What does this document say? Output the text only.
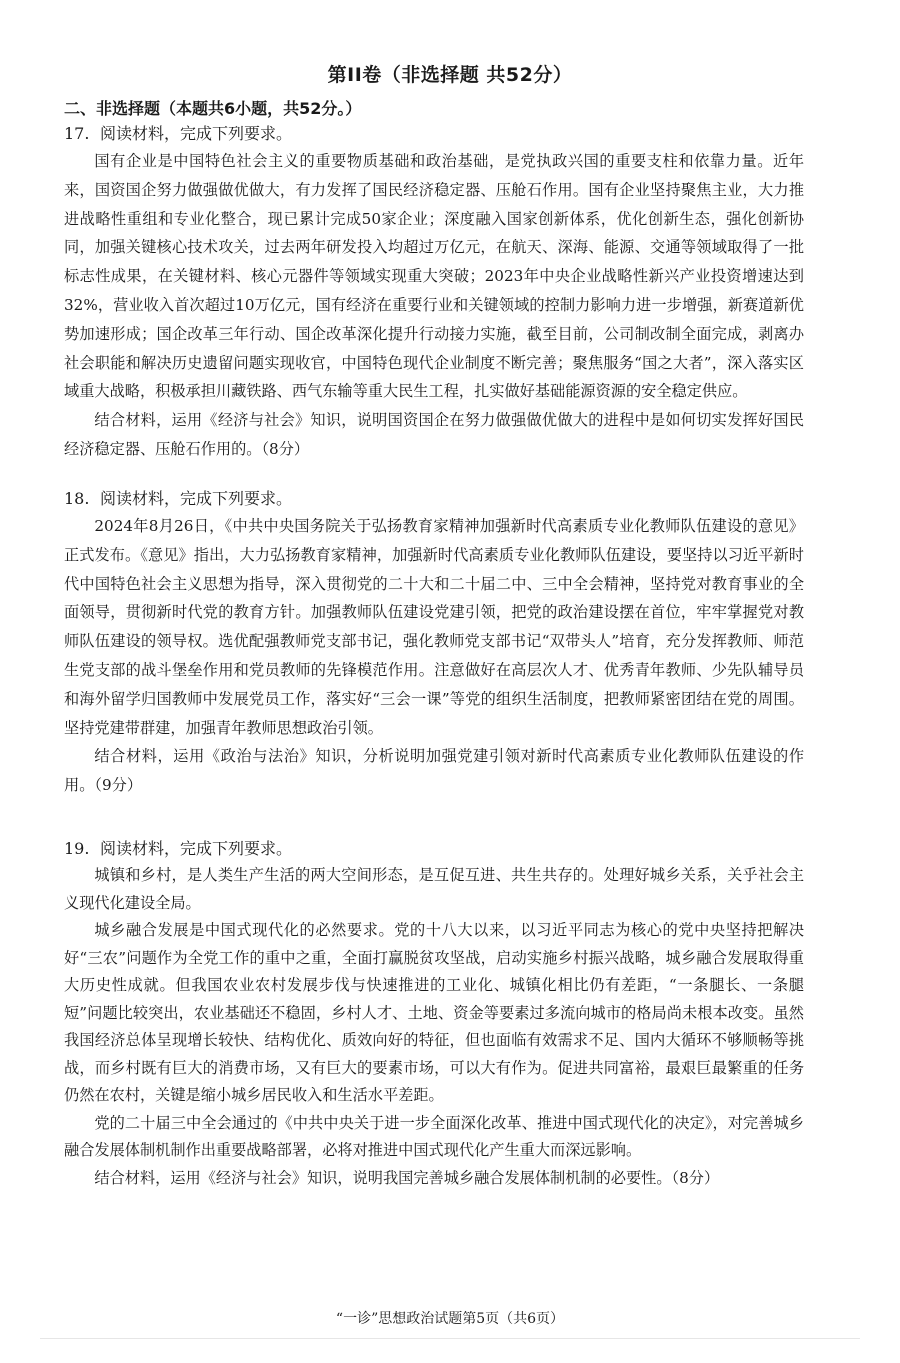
第II卷（非选择题 共52分）
二、非选择题（本题共6小题，共52分。）
17. 阅读材料，完成下列要求。

国有企业是中国特色社会主义的重要物质基础和政治基础，是党执政兴国的重要支柱和依靠力量。近年来，国资国企努力做强做优做大，有力发挥了国民经济稳定器、压舱石作用。国有企业坚持聚焦主业，大力推进战略性重组和专业化整合，现已累计完成50家企业；深度融入国家创新体系，优化创新生态，强化创新协同，加强关键核心技术攻关，过去两年研发投入均超过万亿元，在航天、深海、能源、交通等领域取得了一批标志性成果，在关键材料、核心元器件等领域实现重大突破；2023年中央企业战略性新兴产业投资增速达到32%，营业收入首次超过10万亿元，国有经济在重要行业和关键领域的控制力影响力进一步增强，新赛道新优势加速形成；国企改革三年行动、国企改革深化提升行动接力实施，截至目前，公司制改制全面完成，剥离办社会职能和解决历史遗留问题实现收官，中国特色现代企业制度不断完善；聚焦服务“国之大者”，深入落实区域重大战略，积极承担川藏铁路、西气东输等重大民生工程，扎实做好基础能源资源的安全稳定供应。

结合材料，运用《经济与社会》知识，说明国资国企在努力做强做优做大的进程中是如何切实发挥好国民经济稳定器、压舱石作用的。（8分）

18. 阅读材料，完成下列要求。

2024年8月26日，《中共中央国务院关于弘扬教育家精神加强新时代高素质专业化教师队伍建设的意见》正式发布。《意见》指出，大力弘扬教育家精神，加强新时代高素质专业化教师队伍建设，要坚持以习近平新时代中国特色社会主义思想为指导，深入贯彻党的二十大和二十届二中、三中全会精神，坚持党对教育事业的全面领导，贯彻新时代党的教育方针。加强教师队伍建设党建引领，把党的政治建设摆在首位，牢牢掌握党对教师队伍建设的领导权。选优配强教师党支部书记，强化教师党支部书记“双带头人”培育，充分发挥教师、师范生党支部的战斗堡垒作用和党员教师的先锋模范作用。注意做好在高层次人才、优秀青年教师、少先队辅导员和海外留学归国教师中发展党员工作，落实好“三会一课”等党的组织生活制度，把教师紧密团结在党的周围。坚持党建带群建，加强青年教师思想政治引领。

结合材料，运用《政治与法治》知识，分析说明加强党建引领对新时代高素质专业化教师队伍建设的作用。（9分）

19. 阅读材料，完成下列要求。

城镇和乡村，是人类生产生活的两大空间形态，是互促互进、共生共存的。处理好城乡关系，关乎社会主义现代化建设全局。

城乡融合发展是中国式现代化的必然要求。党的十八大以来，以习近平同志为核心的党中央坚持把解决好“三农”问题作为全党工作的重中之重，全面打赢脱贫攻坚战，启动实施乡村振兴战略，城乡融合发展取得重大历史性成就。但我国农业农村发展步伐与快速推进的工业化、城镇化相比仍有差距，“一条腿长、一条腿短”问题比较突出，农业基础还不稳固，乡村人才、土地、资金等要素过多流向城市的格局尚未根本改变。虽然我国经济总体呈现增长较快、结构优化、质效向好的特征，但也面临有效需求不足、国内大循环不够顺畅等挑战，而乡村既有巨大的消费市场，又有巨大的要素市场，可以大有作为。促进共同富裕，最艰巨最繁重的任务仍然在农村，关键是缩小城乡居民收入和生活水平差距。

党的二十届三中全会通过的《中共中央关于进一步全面深化改革、推进中国式现代化的决定》，对完善城乡融合发展体制机制作出重要战略部署，必将对推进中国式现代化产生重大而深远影响。

结合材料，运用《经济与社会》知识，说明我国完善城乡融合发展体制机制的必要性。（8分）

“一诊”思想政治试题第5页（共6页）
